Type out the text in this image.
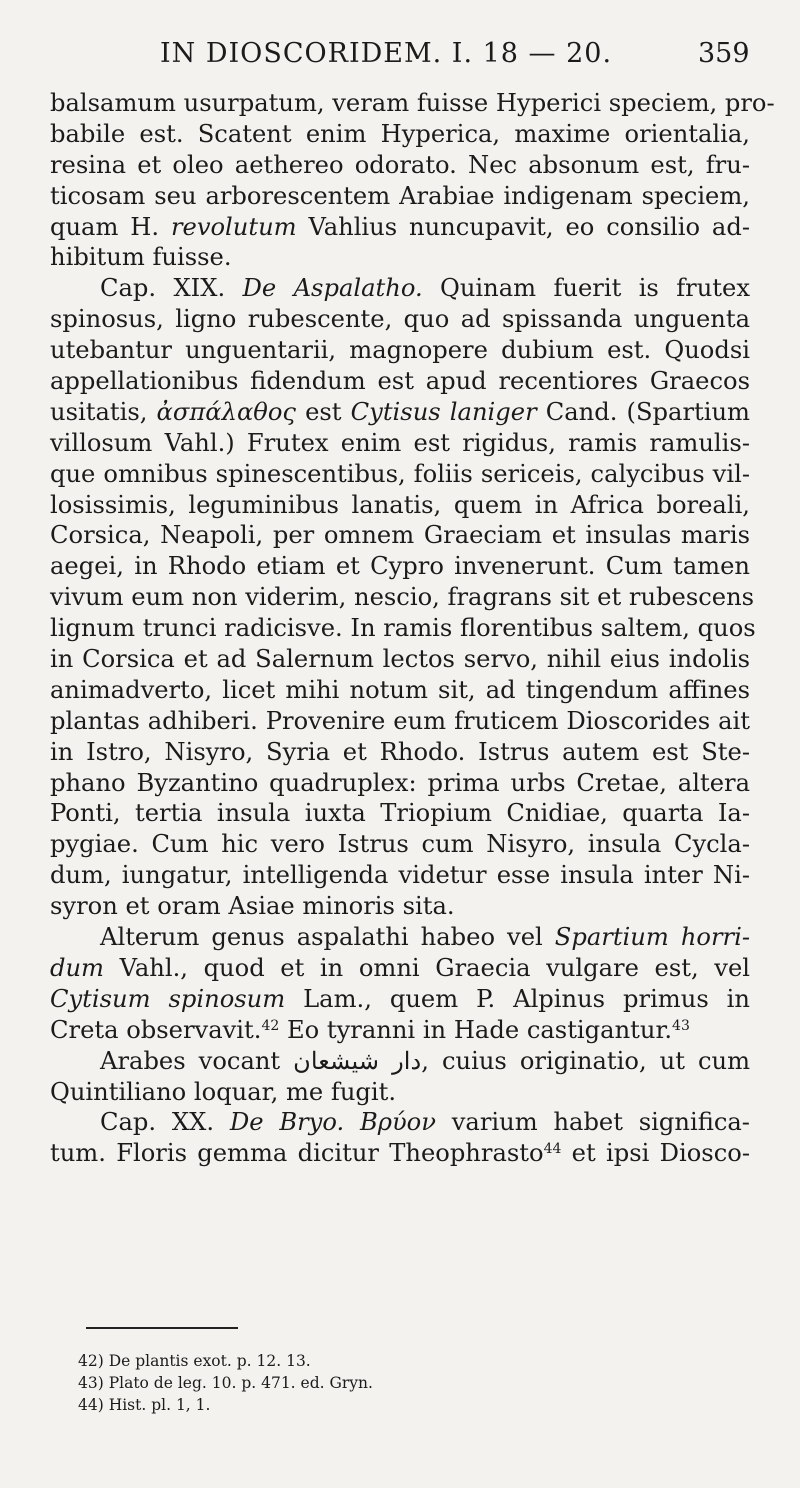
IN DIOSCORIDEM. I. 18 — 20.	359
balsamum usurpatum, veram fuisse Hyperici speciem, pro-
babile est. Scatent enim Hyperica, maxime orientalia,
resina et oleo aethereo odorato. Nec absonum est, fru-
ticosam seu arborescentem Arabiae indigenam speciem,
quam H. revolutum Vahlius nuncupavit, eo consilio ad-
hibitum fuisse.
Cap. XIX. De Aspalatho. Quinam fuerit is frutex
spinosus, ligno rubescente, quo ad spissanda unguenta
utebantur unguentarii, magnopere dubium est. Quodsi
appellationibus fidendum est apud recentiores Graecos
usitatis, ἀσπάλαθος est Cytisus laniger Cand. (Spartium
villosum Vahl.) Frutex enim est rigidus, ramis ramulis-
que omnibus spinescentibus, foliis sericeis, calycibus vil-
losissimis, leguminibus lanatis, quem in Africa boreali,
Corsica, Neapoli, per omnem Graeciam et insulas maris
aegei, in Rhodo etiam et Cypro invenerunt. Cum tamen
vivum eum non viderim, nescio, fragrans sit et rubescens
lignum trunci radicisve. In ramis florentibus saltem, quos
in Corsica et ad Salernum lectos servo, nihil eius indolis
animadverto, licet mihi notum sit, ad tingendum affines
plantas adhiberi. Provenire eum fruticem Dioscorides ait
in Istro, Nisyro, Syria et Rhodo. Istrus autem est Ste-
phano Byzantino quadruplex: prima urbs Cretae, altera
Ponti, tertia insula iuxta Triopium Cnidiae, quarta Ia-
pygiae. Cum hic vero Istrus cum Nisyro, insula Cycla-
dum, iungatur, intelligenda videtur esse insula inter Ni-
syron et oram Asiae minoris sita.
Alterum genus aspalathi habeo vel Spartium horri-
dum Vahl., quod et in omni Graecia vulgare est, vel
Cytisum spinosum Lam., quem P. Alpinus primus in
Creta observavit.$^{42}$ Eo tyranni in Hade castigantur.$^{43}$
Arabes vocant دار شيشعان, cuius originatio, ut cum
Quintiliano loquar, me fugit.
Cap. XX. De Bryo. Βρύον varium habet significa-
tum. Floris gemma dicitur Theophrasto$^{44}$ et ipsi Diosco-
42) De plantis exot. p. 12. 13.
43) Plato de leg. 10. p. 471. ed. Gryn.
44) Hist. pl. 1, 1.
